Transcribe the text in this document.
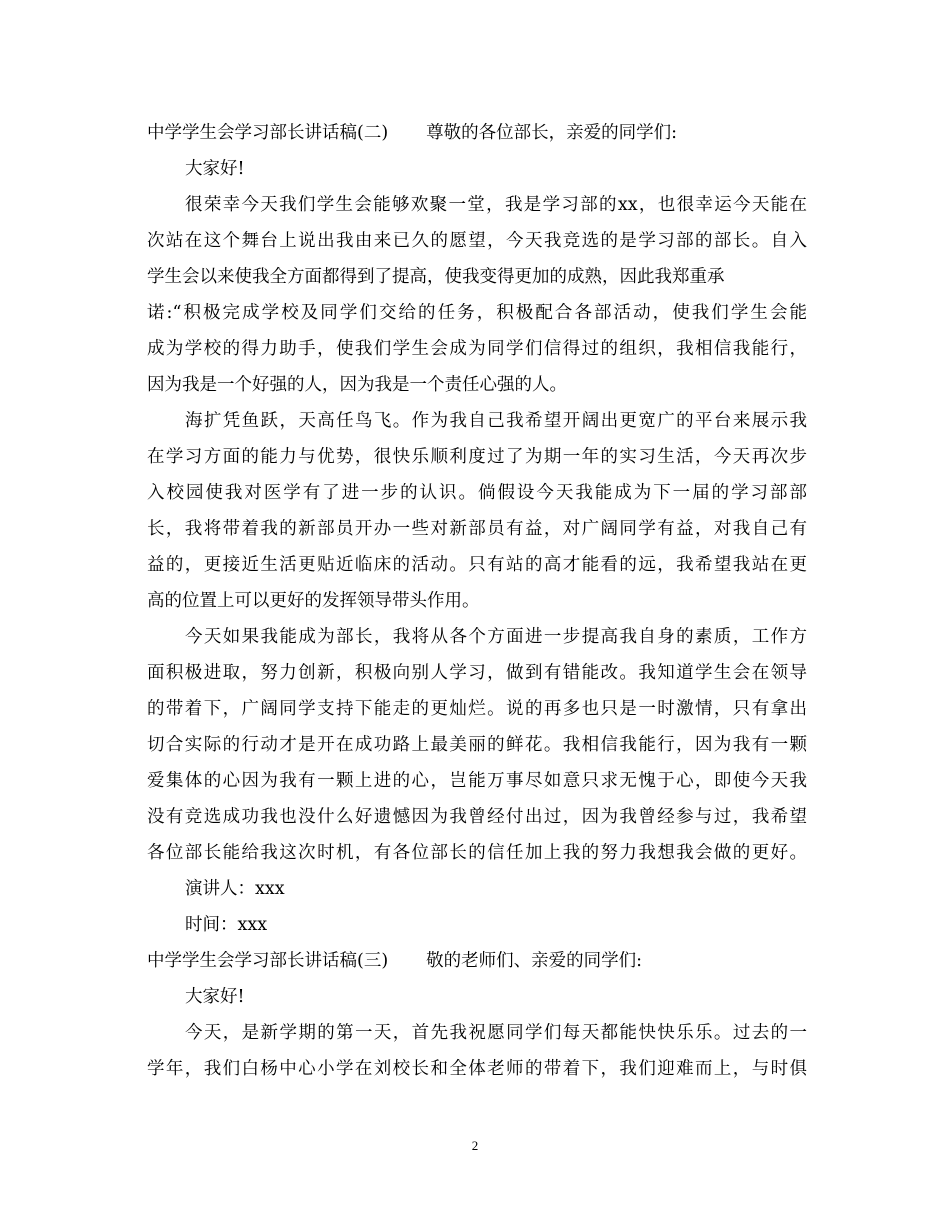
中学学生会学习部长讲话稿(二) 尊敬的各位部长，亲爱的同学们:
大家好!
很荣幸今天我们学生会能够欢聚一堂，我是学习部的xx，也很幸运今天能在
次站在这个舞台上说出我由来已久的愿望，今天我竞选的是学习部的部长。自入
学生会以来使我全方面都得到了提高，使我变得更加的成熟，因此我郑重承
诺:“积极完成学校及同学们交给的任务，积极配合各部活动，使我们学生会能
成为学校的得力助手，使我们学生会成为同学们信得过的组织，我相信我能行，
因为我是一个好强的人，因为我是一个责任心强的人。
海扩凭鱼跃，天高任鸟飞。作为我自己我希望开阔出更宽广的平台来展示我
在学习方面的能力与优势，很快乐顺利度过了为期一年的实习生活，今天再次步
入校园使我对医学有了进一步的认识。倘假设今天我能成为下一届的学习部部
长，我将带着我的新部员开办一些对新部员有益，对广阔同学有益，对我自己有
益的，更接近生活更贴近临床的活动。只有站的高才能看的远，我希望我站在更
高的位置上可以更好的发挥领导带头作用。
今天如果我能成为部长，我将从各个方面进一步提高我自身的素质，工作方
面积极进取，努力创新，积极向别人学习，做到有错能改。我知道学生会在领导
的带着下，广阔同学支持下能走的更灿烂。说的再多也只是一时激情，只有拿出
切合实际的行动才是开在成功路上最美丽的鲜花。我相信我能行，因为我有一颗
爱集体的心因为我有一颗上进的心，岂能万事尽如意只求无愧于心，即使今天我
没有竞选成功我也没什么好遗憾因为我曾经付出过，因为我曾经参与过，我希望
各位部长能给我这次时机，有各位部长的信任加上我的努力我想我会做的更好。
演讲人：xxx
时间：xxx
中学学生会学习部长讲话稿(三) 敬的老师们、亲爱的同学们:
大家好!
今天，是新学期的第一天，首先我祝愿同学们每天都能快快乐乐。过去的一
学年，我们白杨中心小学在刘校长和全体老师的带着下，我们迎难而上，与时俱
2
